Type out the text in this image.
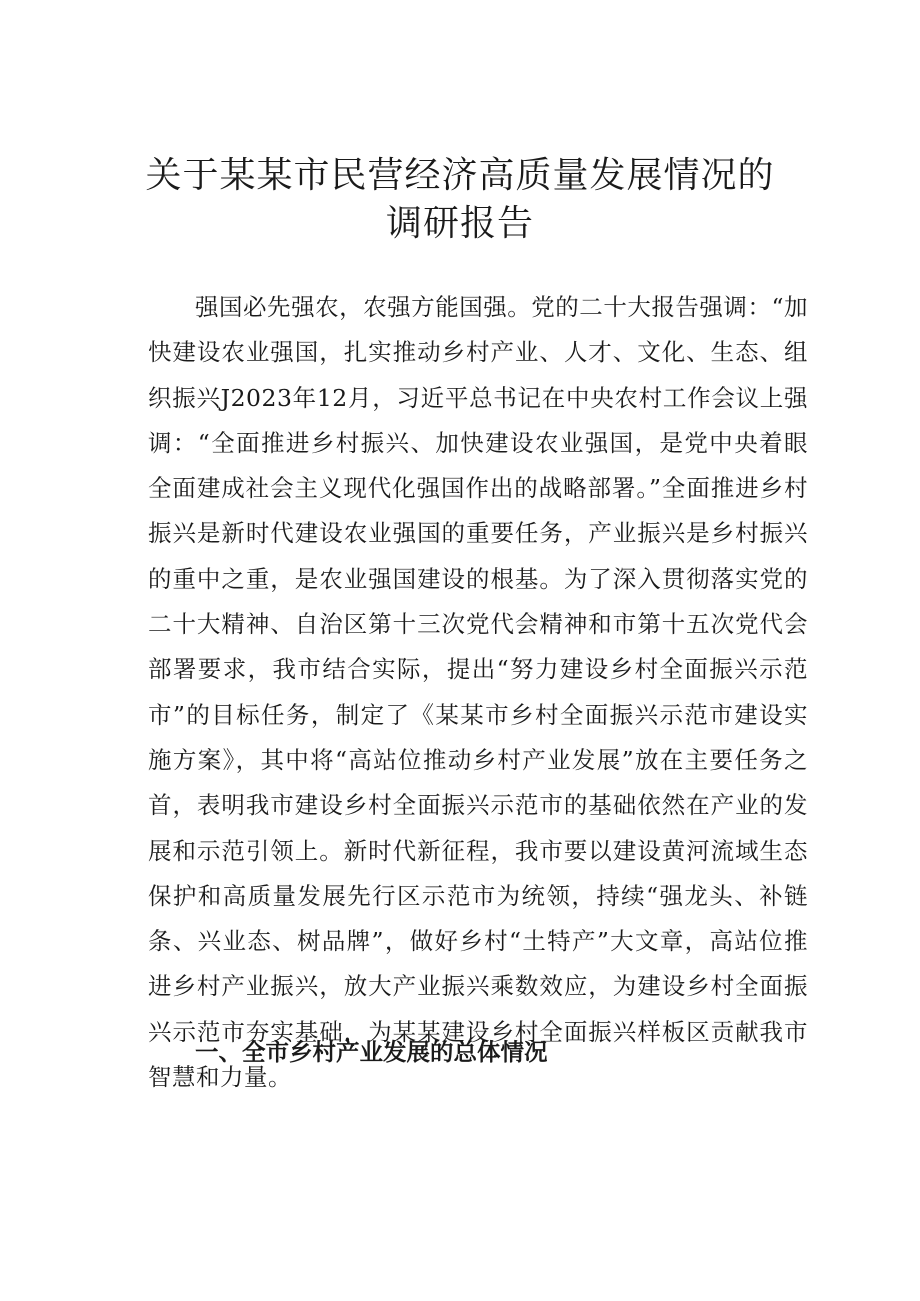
关于某某市民营经济高质量发展情况的
调研报告

强国必先强农，农强方能国强。党的二十大报告强调：“加快建设农业强国，扎实推动乡村产业、人才、文化、生态、组织振兴J2023年12月，习近平总书记在中央农村工作会议上强调：“全面推进乡村振兴、加快建设农业强国，是党中央着眼全面建成社会主义现代化强国作出的战略部署。”全面推进乡村振兴是新时代建设农业强国的重要任务，产业振兴是乡村振兴的重中之重，是农业强国建设的根基。为了深入贯彻落实党的二十大精神、自治区第十三次党代会精神和市第十五次党代会部署要求，我市结合实际，提出“努力建设乡村全面振兴示范市”的目标任务，制定了《某某市乡村全面振兴示范市建设实施方案》，其中将“高站位推动乡村产业发展”放在主要任务之首，表明我市建设乡村全面振兴示范市的基础依然在产业的发展和示范引领上。新时代新征程，我市要以建设黄河流域生态保护和高质量发展先行区示范市为统领，持续“强龙头、补链条、兴业态、树品牌”，做好乡村“土特产”大文章，高站位推进乡村产业振兴，放大产业振兴乘数效应，为建设乡村全面振兴示范市夯实基础，为某某建设乡村全面振兴样板区贡献我市智慧和力量。

一、全市乡村产业发展的总体情况
